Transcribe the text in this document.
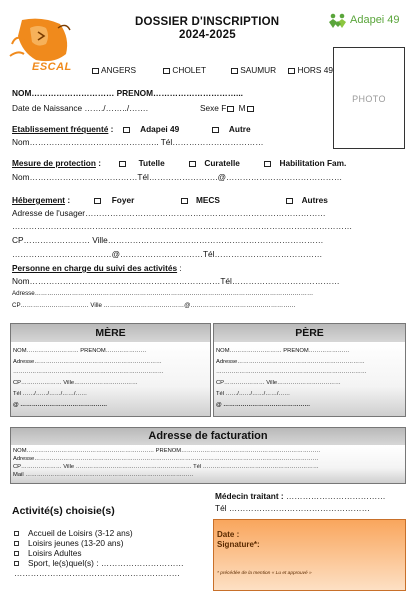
ESCAL
DOSSIER D'INSCRIPTION
2024-2025
Adapei 49
ANGERS	CHOLET	SAUMUR	HORS 49
PHOTO
NOM………………………… PRENOM…………………………...
Date de Naissance ……./……../…….	Sexe F M
Etablissement fréquenté :	Adapei 49	Autre
Nom……………………………………….. Tél……………………………
Mesure de protection :	Tutelle	Curatelle	Habilitation Fam.
Nom…………………………………Tél…………………….@……………………………………
Hébergement :	Foyer	MECS	Autres
Adresse de l'usager……………………………………………………………………………
……………………………………………………………………………………………………………
CP…………………… Ville……………………………………………………………………
………………………………@…………………………Tél…………………………………
Personne en charge du suivi des activités :
Nom……………………………………………………………Tél…………………………………
Adresse………………………………………………………………………………………………………………………
CP…………………………… Ville …………………………………@……………………………………………
MÈRE
NOM……………………… PRENOM…………………
Adresse…………………………………………………………
……………………………………………………………………
CP………………… Ville……………………………
Tél ……/……/……/……/……
@ ………………………………………
PÈRE
NOM……………………… PRENOM…………………
Adresse…………………………………………………………
……………………………………………………………………
CP………………… Ville……………………………
Tél ……/……/……/……/……
@ ………………………………………
Adresse de facturation
NOM………………………………………………………… PRENOM………………………………………………………………
Adresse…………………………………………………………………………………………………………………………………
CP………………… Ville …………………………………………………… Tél ……………………………………………………
Mail ……………………………………………………………………………
Médecin traitant : ………………………………
Tél ……………………………………………
Activité(s) choisie(s)
Accueil de Loisirs (3-12 ans)
Loisirs jeunes (13-20 ans)
Loisirs Adultes
Sport, le(s)quel(s) : …………………………
……………………………………………………
Date :
Signature*:
* précédée de la mention « Lu et approuvé »
